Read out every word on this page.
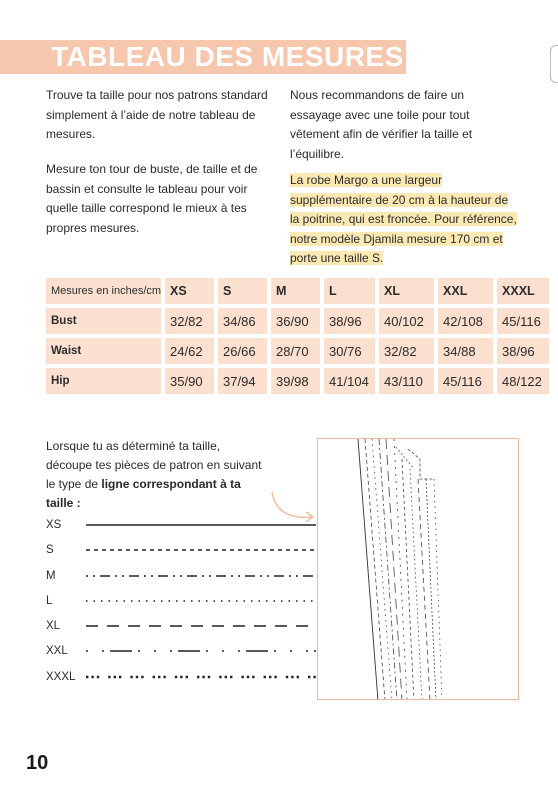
TABLEAU DES MESURES

Trouve ta taille pour nos patrons standard simplement à l’aide de notre tableau de mesures.

Mesure ton tour de buste, de taille et de bassin et consulte le tableau pour voir quelle taille correspond le mieux à tes propres mesures.

Nous recommandons de faire un essayage avec une toile pour tout vêtement afin de vérifier la taille et l’équilibre.

La robe Margo a une largeur supplémentaire de 20 cm à la hauteur de la poitrine, qui est froncée. Pour référence, notre modèle Djamila mesure 170 cm et porte une taille S.

Mesures en inches/cm	XS	S	M	L	XL	XXL	XXXL
Bust	32/82	34/86	36/90	38/96	40/102	42/108	45/116
Waist	24/62	26/66	28/70	30/76	32/82	34/88	38/96
Hip	35/90	37/94	39/98	41/104	43/110	45/116	48/122

Lorsque tu as déterminé ta taille, découpe tes pièces de patron en suivant le type de ligne correspondant à ta taille :

XS
S
M
L
XL
XXL
XXXL
10
